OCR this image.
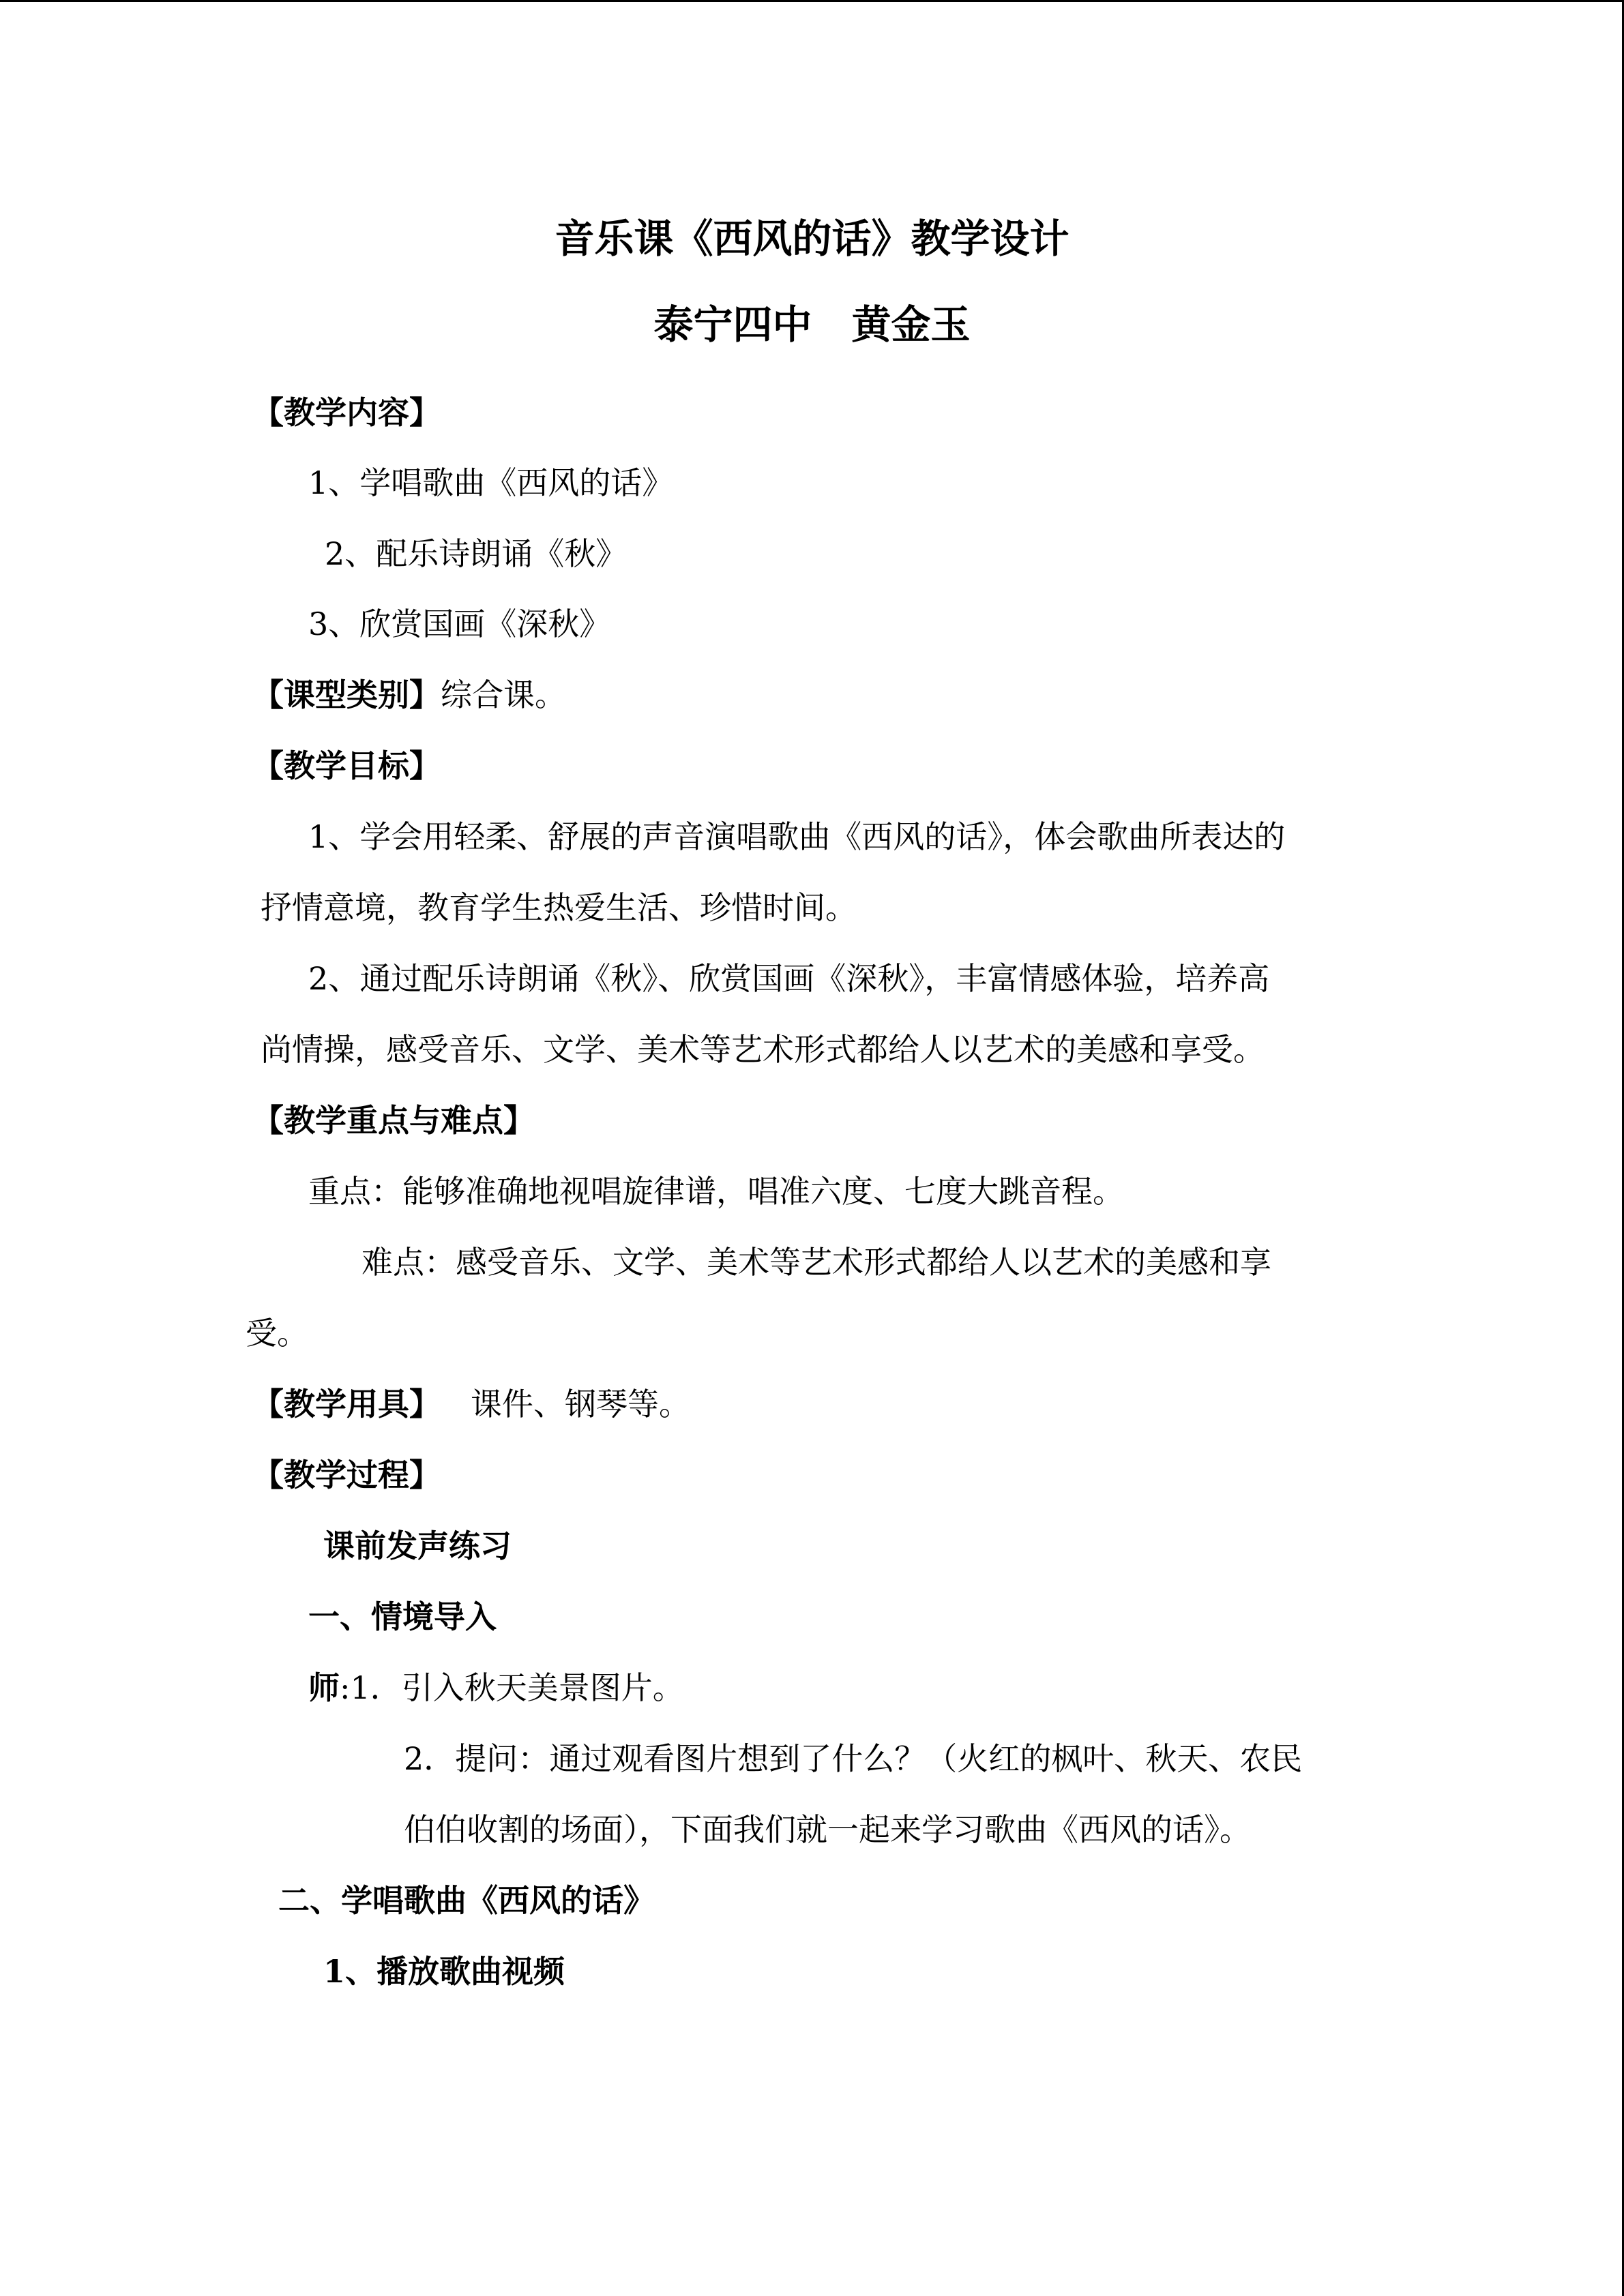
音乐课《西风的话》教学设计
泰宁四中　黄金玉
【教学内容】
1、学唱歌曲《西风的话》
2、配乐诗朗诵《秋》
3、欣赏国画《深秋》
【课型类别】综合课。
【教学目标】
1、学会用轻柔、舒展的声音演唱歌曲《西风的话》，体会歌曲所表达的
抒情意境，教育学生热爱生活、珍惜时间。
2、通过配乐诗朗诵《秋》、欣赏国画《深秋》，丰富情感体验，培养高
尚情操，感受音乐、文学、美术等艺术形式都给人以艺术的美感和享受。
【教学重点与难点】
重点：能够准确地视唱旋律谱，唱准六度、七度大跳音程。
难点：感受音乐、文学、美术等艺术形式都给人以艺术的美感和享
受。
【教学用具】 课件、钢琴等。
【教学过程】
课前发声练习
一、情境导入
师:1．引入秋天美景图片。
2．提问：通过观看图片想到了什么？（火红的枫叶、秋天、农民
伯伯收割的场面），下面我们就一起来学习歌曲《西风的话》。
二、学唱歌曲《西风的话》
1、播放歌曲视频
